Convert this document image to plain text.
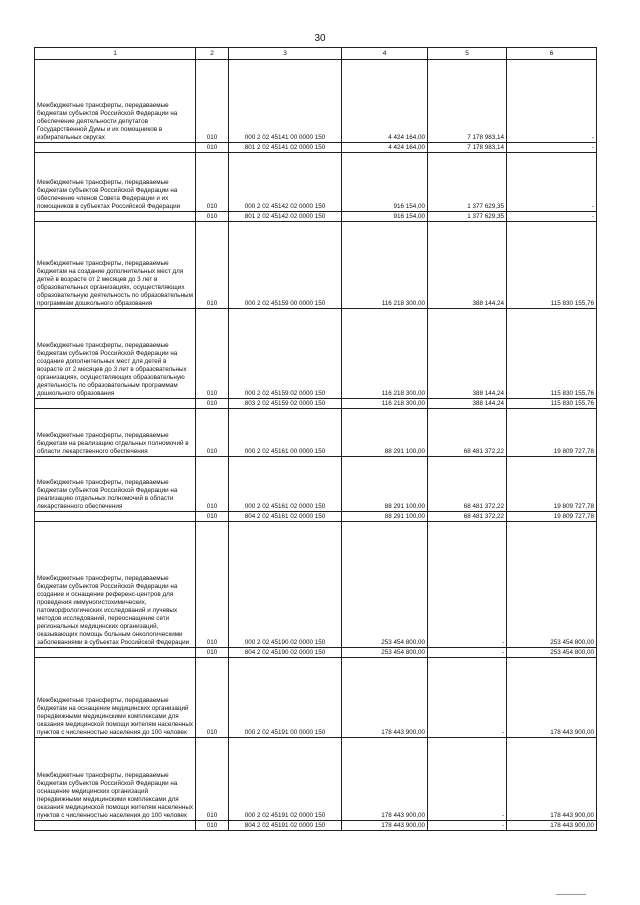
·
30
1	2	3	4	5	6
Межбюджетные трансферты, передаваемые бюджетам субъектов Российской Федерации на обеспечение деятельности депутатов Государственной Думы и их помощников в избирательных округах	010	000 2 02 45141 00 0000 150	4 424 164,00	7 178 983,14	-
	010	801 2 02 45141 02 0000 150	4 424 164,00	7 178 983,14	-
Межбюджетные трансферты, передаваемые бюджетам субъектов Российской Федерации на обеспечение членов Совета Федерации и их помощников в субъектах Российской Федерации	010	000 2 02 45142 02 0000 150	916 154,00	1 377 629,35	-
	010	801 2 02 45142 02 0000 150	916 154,00	1 377 629,35	-
Межбюджетные трансферты, передаваемые бюджетам на создание дополнительных мест для детей в возрасте от 2 месяцев до 3 лет в образовательных организациях, осуществляющих образовательную деятельность по образовательным программам дошкольного образования	010	000 2 02 45159 00 0000 150	116 218 300,00	388 144,24	115 830 155,76
Межбюджетные трансферты, передаваемые бюджетам субъектов Российской Федерации на создание дополнительных мест для детей в возрасте от 2 месяцев до 3 лет в образовательных организациях, осуществляющих образовательную деятельность по образовательным программам дошкольного образования	010	000 2 02 45159 02 0000 150	116 218 300,00	388 144,24	115 830 155,76
	010	803 2 02 45159 02 0000 150	116 218 300,00	388 144,24	115 830 155,76
Межбюджетные трансферты, передаваемые бюджетам на реализацию отдельных полномочий в области лекарственного обеспечения	010	000 2 02 45161 00 0000 150	88 291 100,00	68 481 372,22	19 809 727,78
Межбюджетные трансферты, передаваемые бюджетам субъектов Российской Федерации на реализацию отдельных полномочий в области лекарственного обеспечения	010	000 2 02 45161 02 0000 150	88 291 100,00	68 481 372,22	19 809 727,78
	010	804 2 02 45161 02 0000 150	88 291 100,00	68 481 372,22	19 809 727,78
Межбюджетные трансферты, передаваемые бюджетам субъектов Российской Федерации на создание и оснащение референс-центров для проведения иммуногистохимических, патоморфологических исследований и лучевых методов исследований, переоснащение сети региональных медицинских организаций, оказывающих помощь больным онкологическими заболеваниями в субъектах Российской Федерации	010	000 2 02 45190 02 0000 150	253 454 800,00	-	253 454 800,00
	010	804 2 02 45190 02 0000 150	253 454 800,00	-	253 454 800,00
Межбюджетные трансферты, передаваемые бюджетам на оснащение медицинских организаций передвижными медицинскими комплексами для оказания медицинской помощи жителям населенных пунктов с численностью населения до 100 человек	010	000 2 02 45191 00 0000 150	178 443 900,00	-	178 443 900,00
Межбюджетные трансферты, передаваемые бюджетам субъектов Российской Федерации на оснащение медицинских организаций передвижными медицинскими комплексами для оказания медицинской помощи жителям населенных пунктов с численностью населения до 100 человек	010	000 2 02 45191 02 0000 150	178 443 900,00	-	178 443 900,00
	010	804 2 02 45191 02 0000 150	178 443 900,00	-	178 443 900,00
